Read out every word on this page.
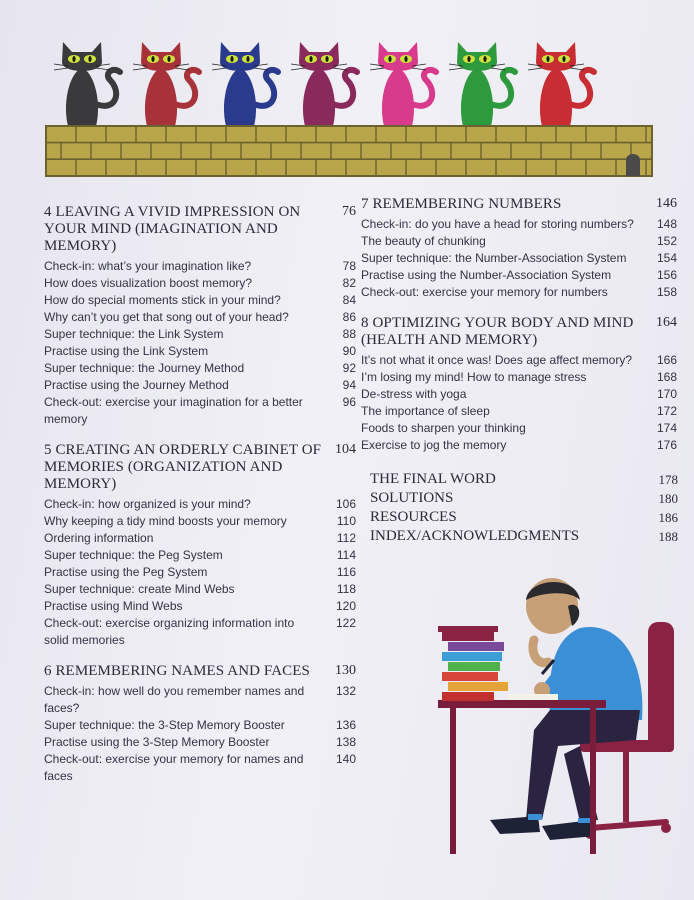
4 LEAVING A VIVID IMPRESSION ON YOUR MIND (IMAGINATION AND MEMORY)
76
Check-in: what’s your imagination like?	78
How does visualization boost memory?	82
How do special moments stick in your mind?	84
Why can’t you get that song out of your head?	86
Super technique: the Link System	88
Practise using the Link System	90
Super technique: the Journey Method	92
Practise using the Journey Method	94
Check-out: exercise your imagination for a better memory
96
5 CREATING AN ORDERLY CABINET OF MEMORIES (ORGANIZATION AND MEMORY)
104
Check-in: how organized is your mind?	106
Why keeping a tidy mind boosts your memory	110
Ordering information	112
Super technique: the Peg System	114
Practise using the Peg System	116
Super technique: create Mind Webs	118
Practise using Mind Webs	120
Check-out: exercise organizing information into solid memories
122
6 REMEMBERING NAMES AND FACES	130
Check-in: how well do you remember names and faces?
132
Super technique: the 3-Step Memory Booster	136
Practise using the 3-Step Memory Booster	138
Check-out: exercise your memory for names and faces
140
7 REMEMBERING NUMBERS	146
Check-in: do you have a head for storing numbers? 148
The beauty of chunking	152
Super technique: the Number-Association System	154
Practise using the Number-Association System	156
Check-out: exercise your memory for numbers	158
8 OPTIMIZING YOUR BODY AND MIND (HEALTH AND MEMORY)
164
It’s not what it once was! Does age affect memory? 166
I’m losing my mind! How to manage stress	168
De-stress with yoga	170
The importance of sleep	172
Foods to sharpen your thinking	174
Exercise to jog the memory	176
THE FINAL WORD	178
SOLUTIONS	180
RESOURCES	186
INDEX/ACKNOWLEDGMENTS	188
